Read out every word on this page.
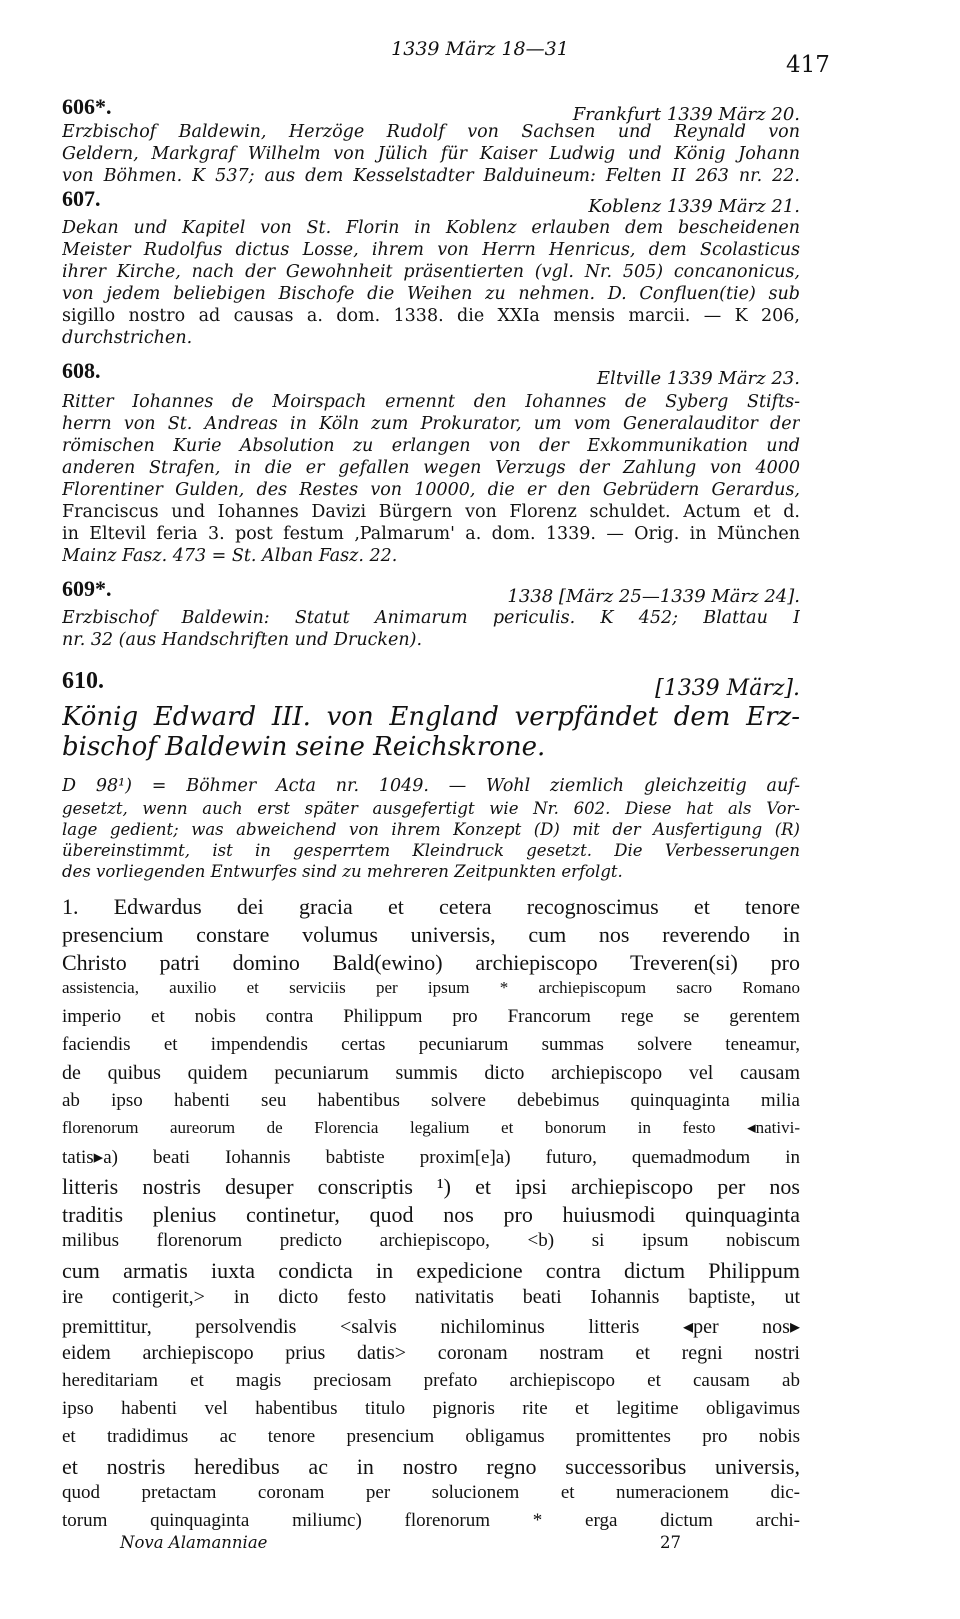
1339 März 18—31
417
606*.	Frankfurt 1339 März 20.
Erzbischof Baldewin, Herzöge Rudolf von Sachsen und Reynald von
Geldern, Markgraf Wilhelm von Jülich für Kaiser Ludwig und König Johann
von Böhmen. K 537; aus dem Kesselstadter Balduineum: Felten II 263 nr. 22.
607.	Koblenz 1339 März 21.
Dekan und Kapitel von St. Florin in Koblenz erlauben dem bescheidenen
Meister Rudolfus dictus Losse, ihrem von Herrn Henricus, dem Scolasticus
ihrer Kirche, nach der Gewohnheit präsentierten (vgl. Nr. 505) concanonicus,
von jedem beliebigen Bischofe die Weihen zu nehmen. D. Confluen(tie) sub
sigillo nostro ad causas a. dom. 1338. die XXIa mensis marcii. — K 206,
durchstrichen.
608.	Eltville 1339 März 23.
Ritter Iohannes de Moirspach ernennt den Iohannes de Syberg Stifts-
herrn von St. Andreas in Köln zum Prokurator, um vom Generalauditor der
römischen Kurie Absolution zu erlangen von der Exkommunikation und
anderen Strafen, in die er gefallen wegen Verzugs der Zahlung von 4000
Florentiner Gulden, des Restes von 10000, die er den Gebrüdern Gerardus,
Franciscus und Iohannes Davizi Bürgern von Florenz schuldet. Actum et d.
in Eltevil feria 3. post festum ‚Palmarum' a. dom. 1339. — Orig. in München
Mainz Fasz. 473 = St. Alban Fasz. 22.
609*.	1338 [März 25—1339 März 24].
Erzbischof Baldewin: Statut Animarum periculis. K 452; Blattau I
nr. 32 (aus Handschriften und Drucken).
610.	[1339 März].
König Edward III. von England verpfändet dem Erz-
bischof Baldewin seine Reichskrone.
D 98¹) = Böhmer Acta nr. 1049. — Wohl ziemlich gleichzeitig auf-
gesetzt, wenn auch erst später ausgefertigt wie Nr. 602. Diese hat als Vor-
lage gedient; was abweichend von ihrem Konzept (D) mit der Ausfertigung (R)
übereinstimmt, ist in gesperrtem Kleindruck gesetzt. Die Verbesserungen
des vorliegenden Entwurfes sind zu mehreren Zeitpunkten erfolgt.
1. Edwardus dei gracia et cetera recognoscimus et tenore
presencium constare volumus universis, cum nos reverendo in
Christo patri domino Bald(ewino) archiepiscopo Treveren(si) pro
assistencia, auxilio et serviciis per ipsum * archiepiscopum sacro Romano
imperio et nobis contra Philippum pro Francorum rege se gerentem
faciendis et impendendis certas pecuniarum summas solvere teneamur,
de quibus quidem pecuniarum summis dicto archiepiscopo vel causam
ab ipso habenti seu habentibus solvere debebimus quinquaginta milia
florenorum aureorum de Florencia legalium et bonorum in festo ◂nativi-
tatis▸a) beati Iohannis babtiste proxim[e]a) futuro, quemadmodum in
litteris nostris desuper conscriptis ¹) et ipsi archiepiscopo per nos
traditis plenius continetur, quod nos pro huiusmodi quinquaginta
milibus florenorum predicto archiepiscopo, <b) si ipsum nobiscum
cum armatis iuxta condicta in expedicione contra dictum Philippum
ire contigerit,> in dicto festo nativitatis beati Iohannis baptiste, ut
premittitur, persolvendis <salvis nichilominus litteris ◂per nos▸
eidem archiepiscopo prius datis> coronam nostram et regni nostri
hereditariam et magis preciosam prefato archiepiscopo et causam ab
ipso habenti vel habentibus titulo pignoris rite et legitime obligavimus
et tradidimus ac tenore presencium obligamus promittentes pro nobis
et nostris heredibus ac in nostro regno successoribus universis,
quod pretactam coronam per solucionem et numeracionem dic-
torum quinquaginta miliumc) florenorum * erga dictum archi-
Nova Alamanniae	27
